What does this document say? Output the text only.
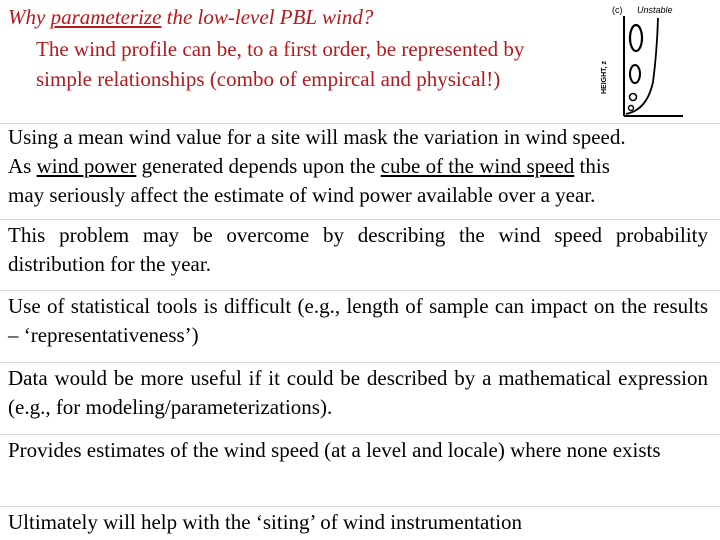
Why parameterize the low-level PBL wind?
The wind profile can be, to a first order, be represented by
simple relationships (combo of empircal and physical!)
(c) Unstable
HEIGHT, z
Using a mean wind value for a site will mask the variation in wind speed.
As wind power generated depends upon the cube of the wind speed this
may seriously affect the estimate of wind power available over a year.
This problem may be overcome by describing the wind speed probability distribution for the year.
Use of statistical tools is difficult (e.g., length of sample can impact on the results – ‘representativeness’)
Data would be more useful if it could be described by a mathematical expression (e.g., for modeling/parameterizations).
Provides estimates of the wind speed (at a level and locale) where none exists
Ultimately will help with the ‘siting’ of wind instrumentation
